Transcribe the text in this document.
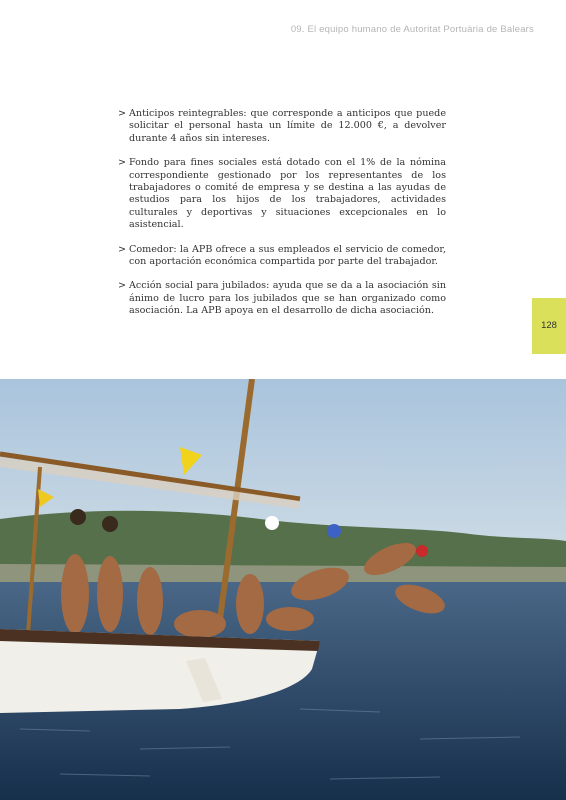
09. El equipo humano de Autoritat Portuària de Balears

> Anticipos reintegrables: que corresponde a anticipos que puede solicitar el personal hasta un límite de 12.000 €, a devolver durante 4 años sin intereses.

> Fondo para fines sociales está dotado con el 1% de la nómina correspondiente gestionado por los representantes de los trabajadores o comité de empresa y se destina a las ayudas de estudios para los hijos de los trabajadores, actividades culturales y deportivas y situaciones excepcionales en lo asistencial.

> Comedor: la APB ofrece a sus empleados el servicio de comedor, con aportación económica compartida por parte del trabajador.

> Acción social para jubilados: ayuda que se da a la asociación sin ánimo de lucro para los jubilados que se han organizado como asociación. La APB apoya en el desarrollo de dicha asociación.

128
